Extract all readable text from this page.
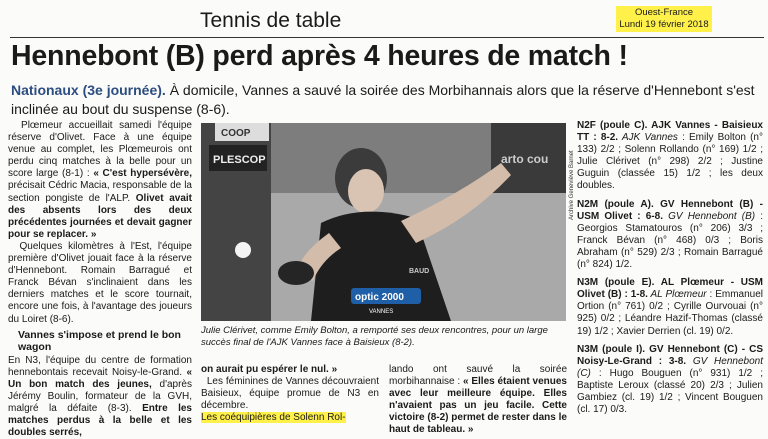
Tennis de table	Ouest-France
Lundi 19 février 2018
Hennebont (B) perd après 4 heures de match !
Nationaux (3e journée). À domicile, Vannes a sauvé la soirée des Morbihannais alors que la réserve d'Hennebont s'est inclinée au bout du suspense (8-6).

Plœmeur accueillait samedi l'équipe réserve d'Olivet. Face à une équipe venue au complet, les Plœmeurois ont perdu cinq matches à la belle pour un score large (8-1) : « C'est hypersévère, précisait Cédric Macia, responsable de la section pongiste de l'ALP. Olivet avait des absents lors des deux précédentes journées et devait gagner pour se replacer. »

Quelques kilomètres à l'Est, l'équipe première d'Olivet jouait face à la réserve d'Hennebont. Romain Barragué et Franck Bévan s'inclinaient dans les derniers matches et le score tournait, encore une fois, à l'avantage des joueurs du Loiret (8-6).

Vannes s'impose et prend le bon wagon

En N3, l'équipe du centre de formation hennebontais recevait Noisy-le-Grand. « Un bon match des jeunes, d'après Jérémy Boulin, formateur de la GVH, malgré la défaite (8-3). Entre les matches perdus à la belle et les doubles serrés,

COOP
PLESCOP	arto cou
optic 2000
VANNES
BAUD
Archive Geneviève Barnet
Julie Clérivet, comme Emily Bolton, a remporté ses deux rencontres, pour un large succès final de l'AJK Vannes face à Baisieux (8-2).

on aurait pu espérer le nul. »

Les féminines de Vannes découvraient Baisieux, équipe promue de N3 en décembre.

Les coéquipières de Solenn Rol-

lando ont sauvé la soirée morbihannaise : « Elles étaient venues avec leur meilleure équipe. Elles n'avaient pas un jeu facile. Cette victoire (8-2) permet de rester dans le haut de tableau. »

N2F (poule C). AJK Vannes - Baisieux TT : 8-2. AJK Vannes : Emily Bolton (n° 133) 2/2 ; Solenn Rollando (n° 169) 1/2 ; Julie Clérivet (n° 298) 2/2 ; Justine Guguin (classée 15) 1/2 ; les deux doubles.

N2M (poule A). GV Hennebont (B) - USM Olivet : 6-8. GV Hennebont (B) : Georgios Stamatouros (n° 206) 3/3 ; Franck Bévan (n° 468) 0/3 ; Boris Abraham (n° 529) 2/3 ; Romain Barragué (n° 824) 1/2.

N3M (poule E). AL Plœmeur - USM Olivet (B) : 1-8. AL Plœmeur : Emmanuel Ortion (n° 761) 0/2 ; Cyrille Ourvouai (n° 925) 0/2 ; Léandre Hazif-Thomas (classé 19) 1/2 ; Xavier Derrien (cl. 19) 0/2.

N3M (poule I). GV Hennebont (C) - CS Noisy-Le-Grand : 3-8. GV Hennebont (C) : Hugo Bouguen (n° 931) 1/2 ; Baptiste Leroux (classé 20) 2/3 ; Julien Gambiez (cl. 19) 1/2 ; Vincent Bouguen (cl. 17) 0/3.
